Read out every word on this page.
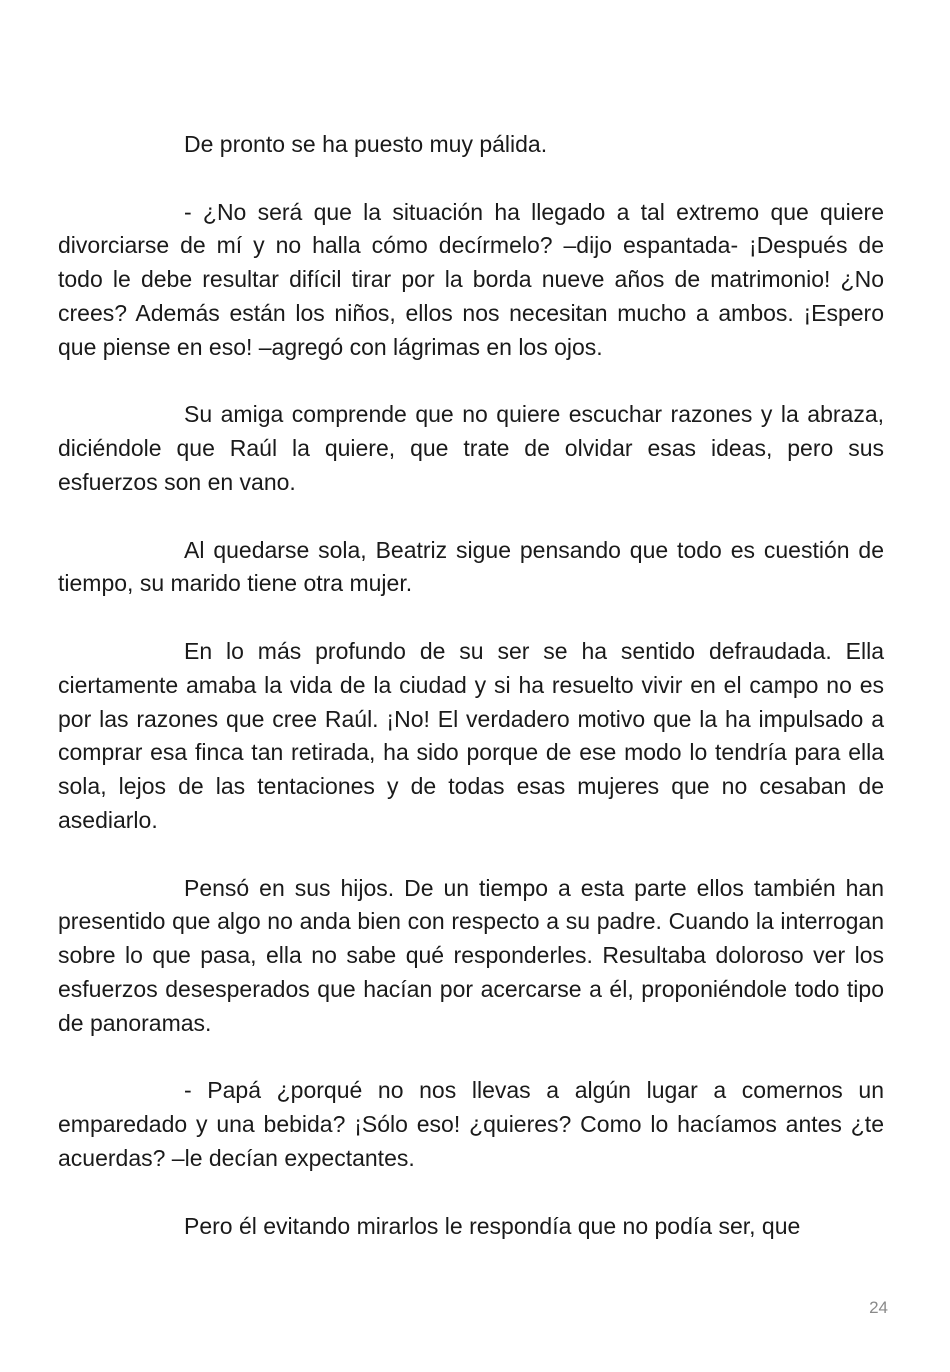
De pronto se ha puesto muy pálida.

- ¿No será que la situación ha llegado a tal extremo que quiere divorciarse de mí y no halla cómo decírmelo? –dijo espantada- ¡Después de todo le debe resultar difícil tirar por la borda nueve años de matrimonio! ¿No crees? Además están los niños, ellos nos necesitan mucho a ambos. ¡Espero que piense en eso! –agregó con lágrimas en los ojos.

Su amiga comprende que no quiere escuchar razones y la abraza, diciéndole que Raúl la quiere, que trate de olvidar esas ideas, pero sus esfuerzos son en vano.

Al quedarse sola, Beatriz sigue pensando que todo es cuestión de tiempo, su marido tiene otra mujer.

En lo más profundo de su ser se ha sentido defraudada. Ella ciertamente amaba la vida de la ciudad y si ha resuelto vivir en el campo no es por las razones que cree Raúl. ¡No! El verdadero motivo que la ha impulsado a comprar esa finca tan retirada, ha sido porque de ese modo lo tendría para ella sola, lejos de las tentaciones y de todas esas mujeres que no cesaban de asediarlo.

Pensó en sus hijos. De un tiempo a esta parte ellos también han presentido que algo no anda bien con respecto a su padre. Cuando la interrogan sobre lo que pasa, ella no sabe qué responderles. Resultaba doloroso ver los esfuerzos desesperados que hacían por acercarse a él, proponiéndole todo tipo de panoramas.

- Papá ¿porqué no nos llevas a algún lugar a comernos un emparedado y una bebida? ¡Sólo eso! ¿quieres? Como lo hacíamos antes ¿te acuerdas? –le decían expectantes.

Pero él evitando mirarlos le respondía que no podía ser, que

24
